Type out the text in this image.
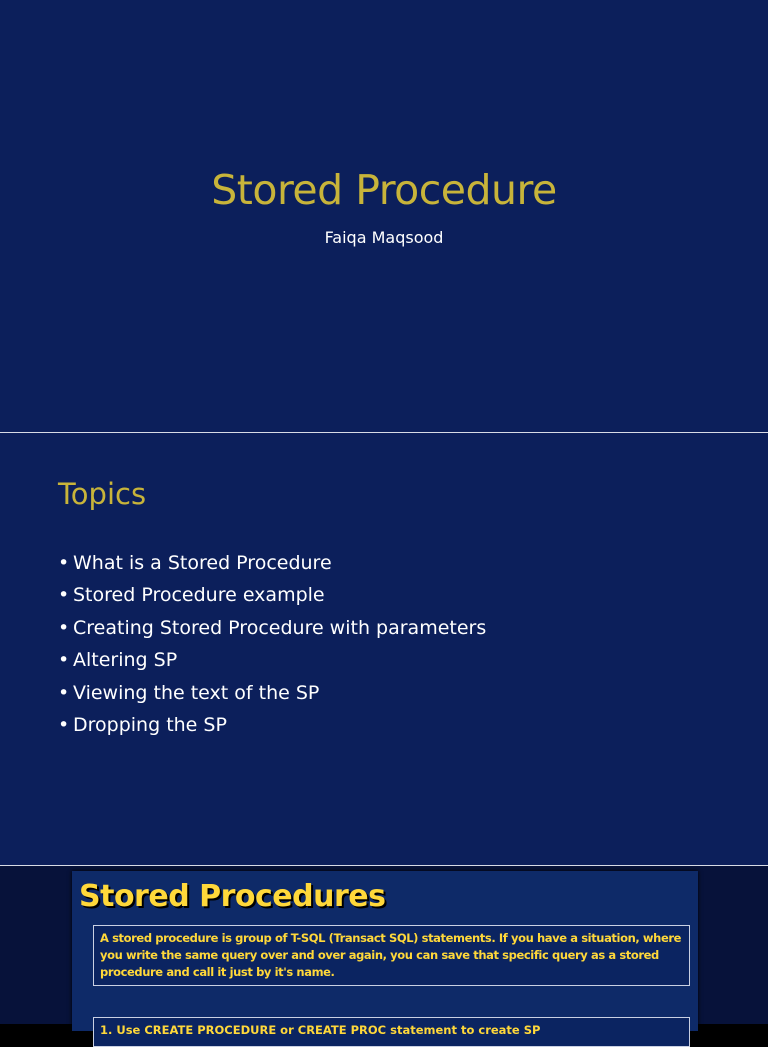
Stored Procedure
Faiqa Maqsood
Topics
• What is a Stored Procedure
• Stored Procedure example
• Creating Stored Procedure with parameters
• Altering SP
• Viewing the text of the SP
• Dropping the SP
Stored Procedures
A stored procedure is group of T-SQL (Transact SQL) statements. If you have a situation, where you write the same query over and over again, you can save that specific query as a stored procedure and call it just by it's name.
1. Use CREATE PROCEDURE or CREATE PROC statement to create SP
